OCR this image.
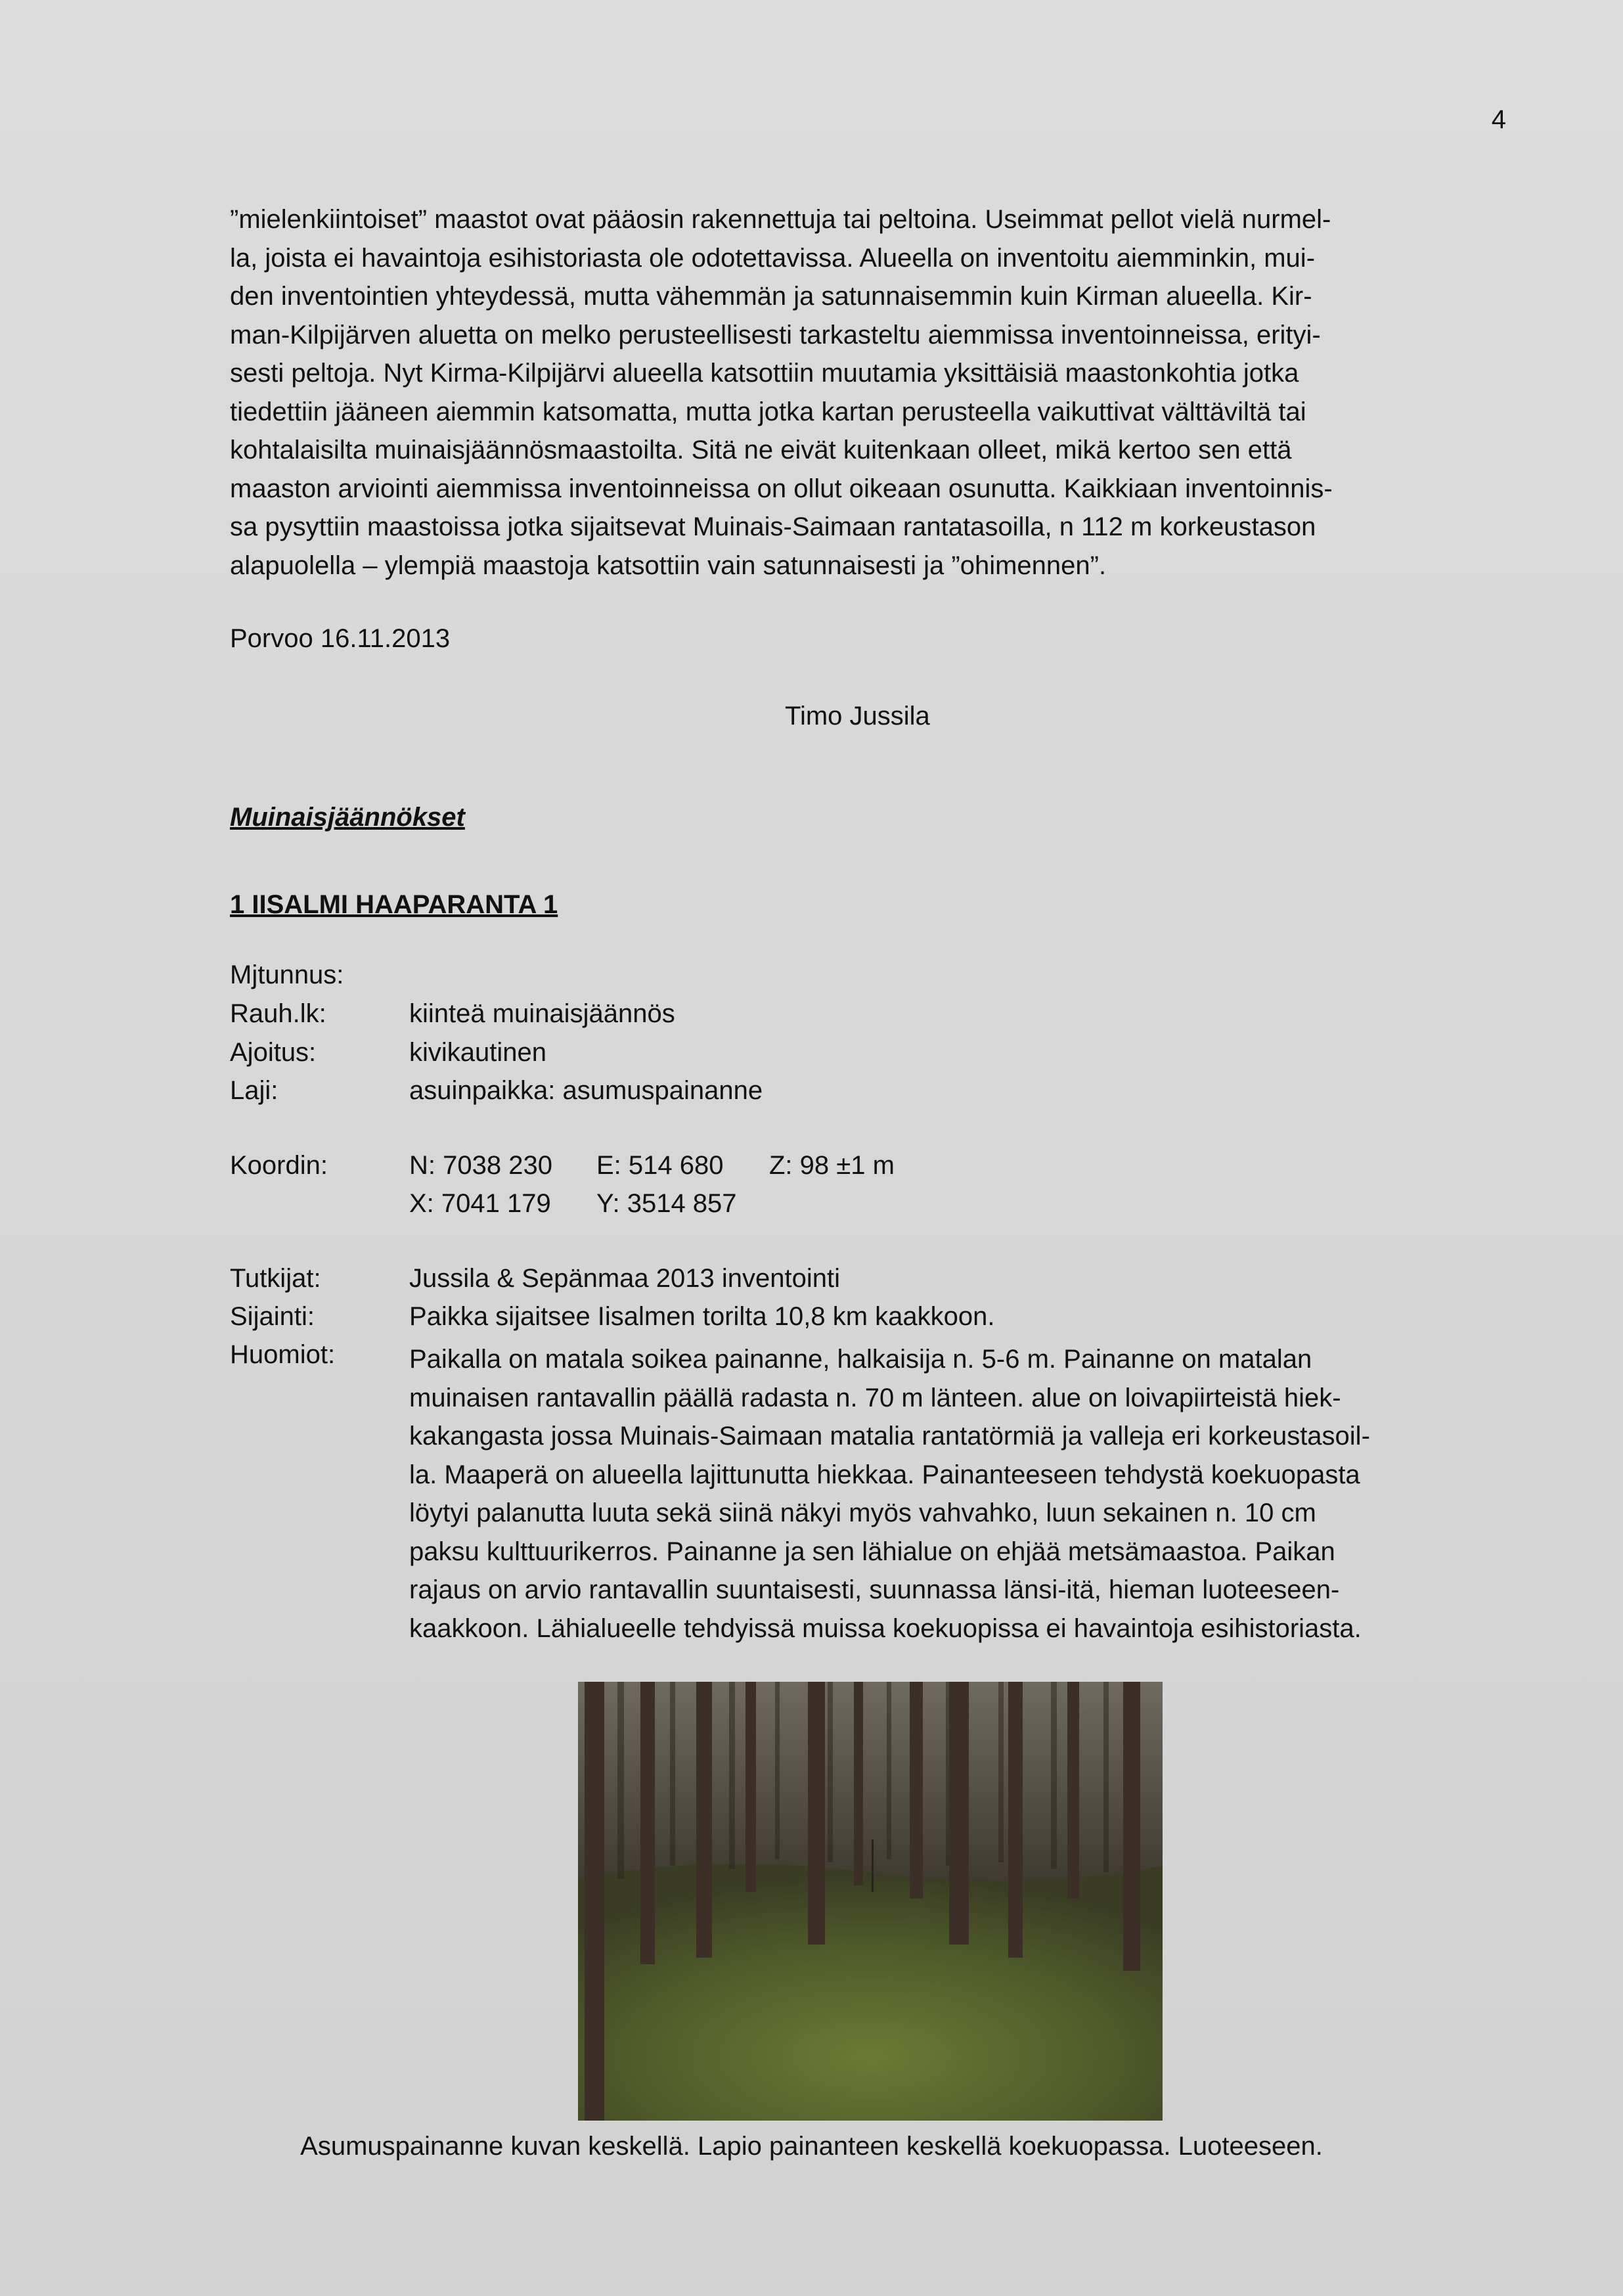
4
”mielenkiintoiset” maastot ovat pääosin rakennettuja tai peltoina. Useimmat pellot vielä nurmel-
la, joista ei havaintoja esihistoriasta ole odotettavissa. Alueella on inventoitu aiemminkin, mui-
den inventointien yhteydessä, mutta vähemmän ja satunnaisemmin kuin Kirman alueella. Kir-
man-Kilpijärven aluetta on melko perusteellisesti tarkasteltu aiemmissa inventoinneissa, erityi-
sesti peltoja. Nyt Kirma-Kilpijärvi alueella katsottiin muutamia yksittäisiä maastonkohtia jotka
tiedettiin jääneen aiemmin katsomatta, mutta jotka kartan perusteella vaikuttivat välttäviltä tai
kohtalaisilta muinaisjäännösmaastoilta. Sitä ne eivät kuitenkaan olleet, mikä kertoo sen että
maaston arviointi aiemmissa inventoinneissa on ollut oikeaan osunutta. Kaikkiaan inventoinnis-
sa pysyttiin maastoissa jotka sijaitsevat Muinais-Saimaan rantatasoilla, n 112 m korkeustason
alapuolella – ylempiä maastoja katsottiin vain satunnaisesti ja ”ohimennen”.
Porvoo 16.11.2013
Timo Jussila
Muinaisjäännökset
1 IISALMI HAAPARANTA 1
Mjtunnus:
Rauh.lk:	kiinteä muinaisjäännös
Ajoitus:	kivikautinen
Laji:	asuinpaikka: asumuspainanne
Koordin:	N: 7038 230 E: 514 680 Z: 98 ±1 m
X: 7041 179 Y: 3514 857
Tutkijat:	Jussila & Sepänmaa 2013 inventointi
Sijainti:	Paikka sijaitsee Iisalmen torilta 10,8 km kaakkoon.
Huomiot:	Paikalla on matala soikea painanne, halkaisija n. 5-6 m. Painanne on matalan
muinaisen rantavallin päällä radasta n. 70 m länteen. alue on loivapiirteistä hiek-
kakangasta jossa Muinais-Saimaan matalia rantatörmiä ja valleja eri korkeustasoil-
la. Maaperä on alueella lajittunutta hiekkaa. Painanteeseen tehdystä koekuopasta
löytyi palanutta luuta sekä siinä näkyi myös vahvahko, luun sekainen n. 10 cm
paksu kulttuurikerros. Painanne ja sen lähialue on ehjää metsämaastoa. Paikan
rajaus on arvio rantavallin suuntaisesti, suunnassa länsi-itä, hieman luoteeseen-
kaakkoon. Lähialueelle tehdyissä muissa koekuopissa ei havaintoja esihistoriasta.
Asumuspainanne kuvan keskellä. Lapio painanteen keskellä koekuopassa. Luoteeseen.
